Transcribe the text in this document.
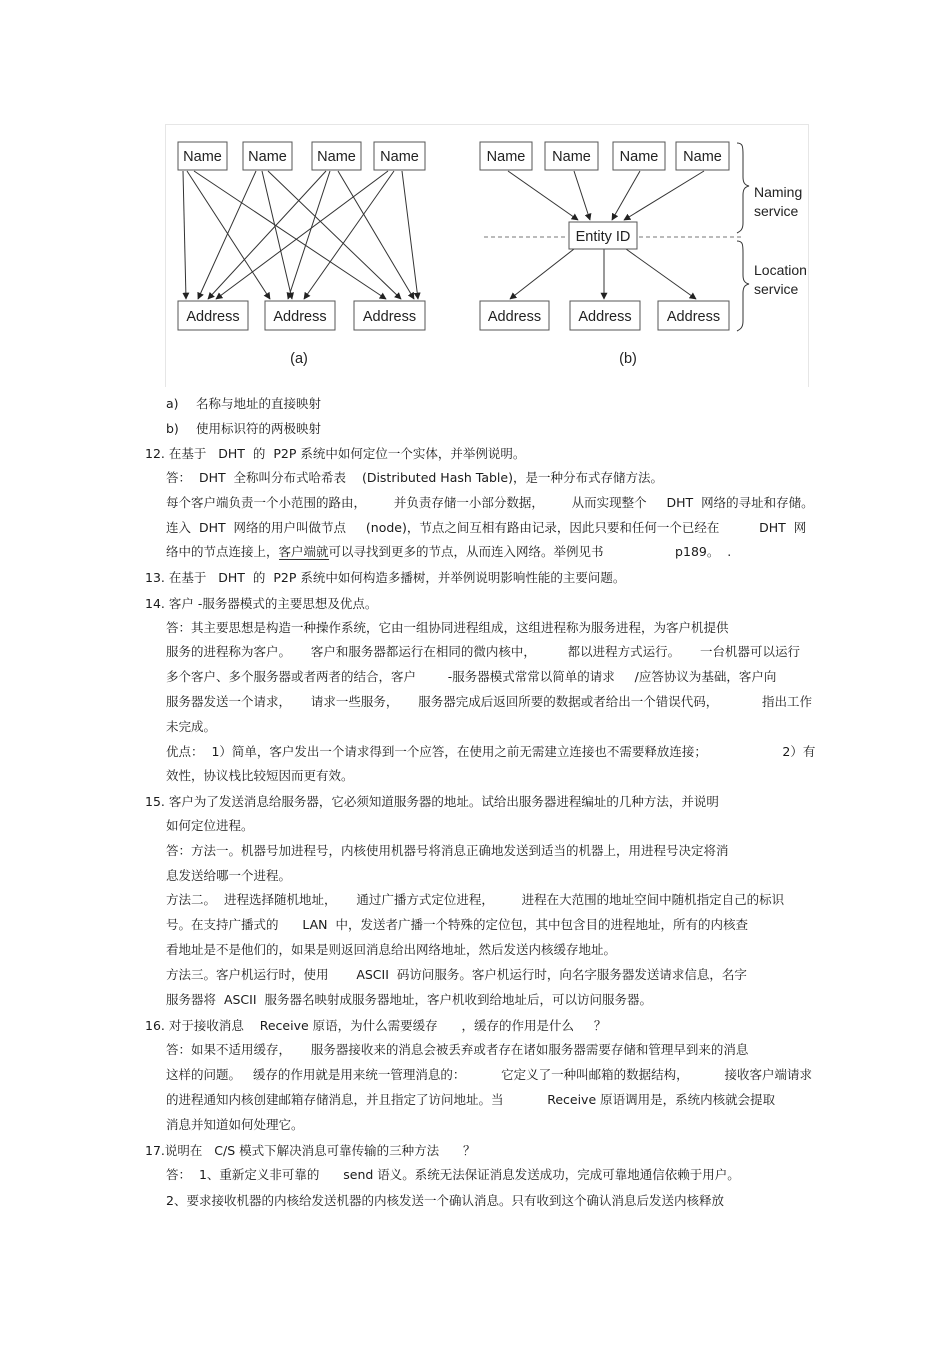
Name Name Name Name
Address Address	Address
(a)
Name Name Name Name
Entity ID
Address	Address Address
(b)
Naming
service
Location
service
a) 名称与地址的直接映射
b) 使用标识符的两极映射
12. 在基于   DHT  的  P2P 系统中如何定位一个实体，并举例说明。
答：  DHT  全称叫分布式哈希表    (Distributed Hash Table)，是一种分布式存储方法。
每个客户端负责一个小范围的路由，       并负责存储一小部分数据，       从而实现整个     DHT  网络的寻址和存储。
连入  DHT  网络的用户叫做节点     (node)，节点之间互相有路由记录，因此只要和任何一个已经在          DHT  网
络中的节点连接上，客户端就可以寻找到更多的节点，从而连入网络。举例见书                  p189。  .
13. 在基于   DHT  的  P2P 系统中如何构造多播树，并举例说明影响性能的主要问题。
14. 客户 -服务器模式的主要思想及优点。
答：其主要思想是构造一种操作系统，它由一组协同进程组成，这组进程称为服务进程，为客户机提供
服务的进程称为客户。     客户和服务器都运行在相同的微内核中，        都以进程方式运行。     一台机器可以运行
多个客户、多个服务器或者两者的结合，客户        -服务器模式常常以简单的请求     /应答协议为基础，客户向
服务器发送一个请求，     请求一些服务，     服务器完成后返回所要的数据或者给出一个错误代码，           指出工作
未完成。
优点：  1）简单，客户发出一个请求得到一个应答，在使用之前无需建立连接也不需要释放连接；                   2）有
效性，协议栈比较短因而更有效。
15. 客户为了发送消息给服务器，它必须知道服务器的地址。试给出服务器进程编址的几种方法，并说明
如何定位进程。
答：方法一。机器号加进程号，内核使用机器号将消息正确地发送到适当的机器上，用进程号决定将消
息发送给哪一个进程。
方法二。  进程选择随机地址，     通过广播方式定位进程，       进程在大范围的地址空间中随机指定自己的标识
号。在支持广播式的      LAN  中，发送者广播一个特殊的定位包，其中包含目的进程地址，所有的内核查
看地址是不是他们的，如果是则返回消息给出网络地址，然后发送内核缓存地址。
方法三。客户机运行时，使用       ASCII  码访问服务。客户机运行时，向名字服务器发送请求信息，名字
服务器将  ASCII  服务器名映射成服务器地址，客户机收到给地址后，可以访问服务器。
16. 对于接收消息    Receive 原语，为什么需要缓存      ，缓存的作用是什么     ？
答：如果不适用缓存，     服务器接收来的消息会被丢弃或者存在诸如服务器需要存储和管理早到来的消息
这样的问题。   缓存的作用就是用来统一管理消息的：         它定义了一种叫邮箱的数据结构，         接收客户端请求
的进程通知内核创建邮箱存储消息，并且指定了访问地址。当           Receive 原语调用是，系统内核就会提取
消息并知道如何处理它。
17.说明在   C/S 模式下解决消息可靠传输的三种方法      ？
答：  1、重新定义非可靠的      send 语义。系统无法保证消息发送成功，完成可靠地通信依赖于用户。
2、要求接收机器的内核给发送机器的内核发送一个确认消息。只有收到这个确认消息后发送内核释放
